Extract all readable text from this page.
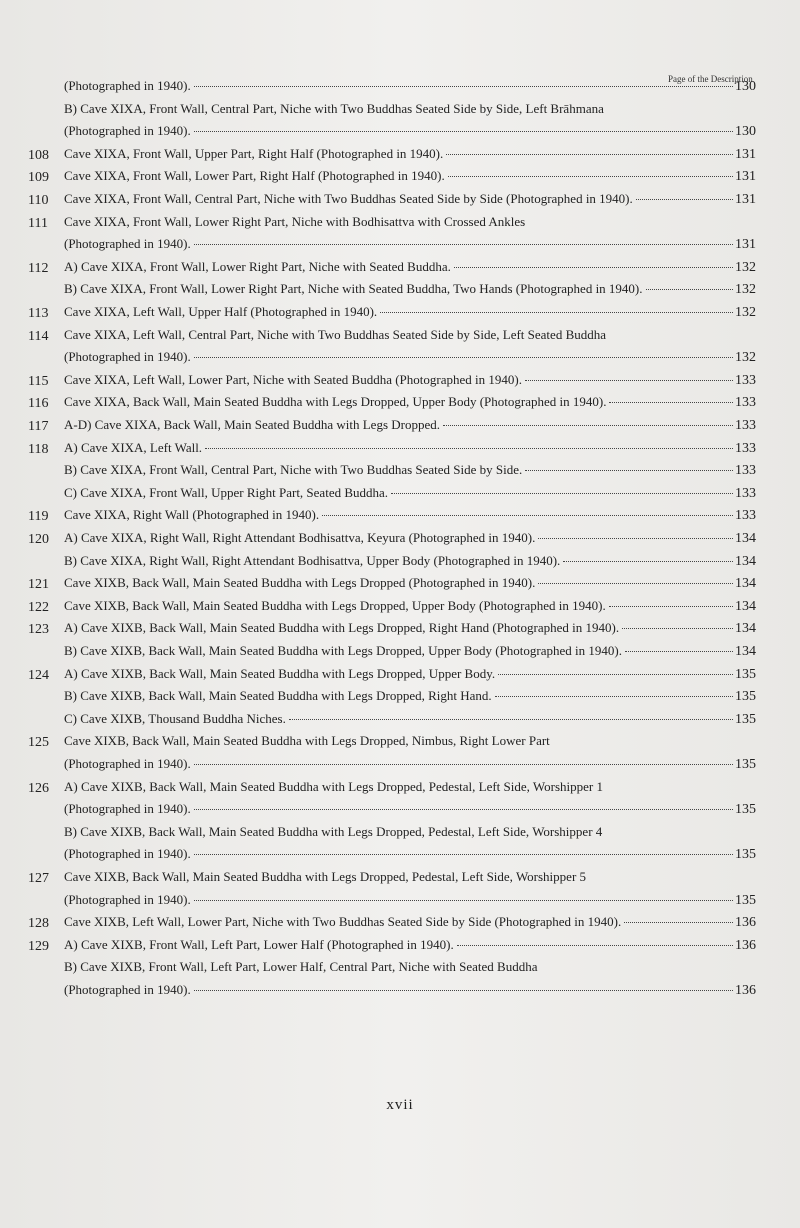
Page of the Description
(Photographed in 1940).	130
B) Cave XIXA, Front Wall, Central Part, Niche with Two Buddhas Seated Side by Side, Left Brāhmana
(Photographed in 1940).	130
108	Cave XIXA, Front Wall, Upper Part, Right Half (Photographed in 1940).	131
109	Cave XIXA, Front Wall, Lower Part, Right Half (Photographed in 1940).	131
110	Cave XIXA, Front Wall, Central Part, Niche with Two Buddhas Seated Side by Side (Photographed in 1940).	131
111	Cave XIXA, Front Wall, Lower Right Part, Niche with Bodhisattva with Crossed Ankles
(Photographed in 1940).	131
112	A) Cave XIXA, Front Wall, Lower Right Part, Niche with Seated Buddha.	132
B) Cave XIXA, Front Wall, Lower Right Part, Niche with Seated Buddha, Two Hands (Photographed in 1940).	132
113	Cave XIXA, Left Wall, Upper Half (Photographed in 1940).	132
114	Cave XIXA, Left Wall, Central Part, Niche with Two Buddhas Seated Side by Side, Left Seated Buddha
(Photographed in 1940).	132
115	Cave XIXA, Left Wall, Lower Part, Niche with Seated Buddha (Photographed in 1940).	133
116	Cave XIXA, Back Wall, Main Seated Buddha with Legs Dropped, Upper Body (Photographed in 1940).	133
117	A-D) Cave XIXA, Back Wall, Main Seated Buddha with Legs Dropped.	133
118	A) Cave XIXA, Left Wall.	133
B) Cave XIXA, Front Wall, Central Part, Niche with Two Buddhas Seated Side by Side.	133
C) Cave XIXA, Front Wall, Upper Right Part, Seated Buddha.	133
119	Cave XIXA, Right Wall (Photographed in 1940).	133
120	A) Cave XIXA, Right Wall, Right Attendant Bodhisattva, Keyura (Photographed in 1940).	134
B) Cave XIXA, Right Wall, Right Attendant Bodhisattva, Upper Body (Photographed in 1940).	134
121	Cave XIXB, Back Wall, Main Seated Buddha with Legs Dropped (Photographed in 1940).	134
122	Cave XIXB, Back Wall, Main Seated Buddha with Legs Dropped, Upper Body (Photographed in 1940).	134
123	A) Cave XIXB, Back Wall, Main Seated Buddha with Legs Dropped, Right Hand (Photographed in 1940).	134
B) Cave XIXB, Back Wall, Main Seated Buddha with Legs Dropped, Upper Body (Photographed in 1940).	134
124	A) Cave XIXB, Back Wall, Main Seated Buddha with Legs Dropped, Upper Body.	135
B) Cave XIXB, Back Wall, Main Seated Buddha with Legs Dropped, Right Hand.	135
C) Cave XIXB, Thousand Buddha Niches.	135
125	Cave XIXB, Back Wall, Main Seated Buddha with Legs Dropped, Nimbus, Right Lower Part
(Photographed in 1940).	135
126	A) Cave XIXB, Back Wall, Main Seated Buddha with Legs Dropped, Pedestal, Left Side, Worshipper 1
(Photographed in 1940).	135
B) Cave XIXB, Back Wall, Main Seated Buddha with Legs Dropped, Pedestal, Left Side, Worshipper 4
(Photographed in 1940).	135
127	Cave XIXB, Back Wall, Main Seated Buddha with Legs Dropped, Pedestal, Left Side, Worshipper 5
(Photographed in 1940).	135
128	Cave XIXB, Left Wall, Lower Part, Niche with Two Buddhas Seated Side by Side (Photographed in 1940).	136
129	A) Cave XIXB, Front Wall, Left Part, Lower Half (Photographed in 1940).	136
B) Cave XIXB, Front Wall, Left Part, Lower Half, Central Part, Niche with Seated Buddha
(Photographed in 1940).	136
xvii
